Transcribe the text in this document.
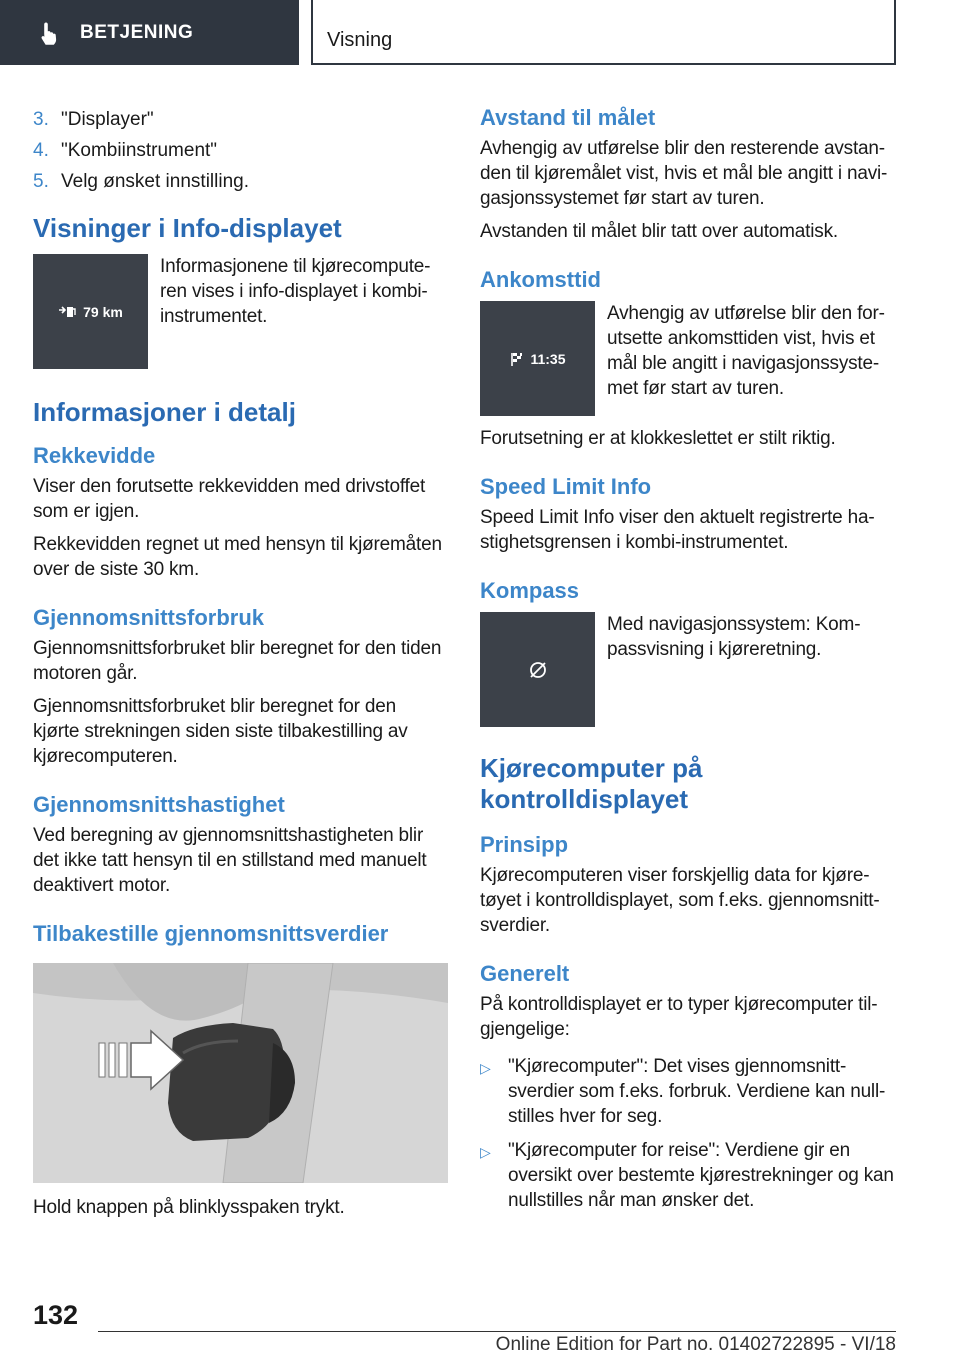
BETJENING	Visning
3. "Displayer"
4. "Kombiinstrument"
5. Velg ønsket innstilling.
Visninger i Info-displayet
79 km

Informasjonene til kjørecomputeren vises i info-displayet i kombiinstrumentet.

Informasjoner i detalj
Rekkevidde

Viser den forutsette rekkevidden med drivstoffet som er igjen.

Rekkevidden regnet ut med hensyn til kjøremåten over de siste 30 km.

Gjennomsnittsforbruk

Gjennomsnittsforbruket blir beregnet for den tiden motoren går.

Gjennomsnittsforbruket blir beregnet for den kjørte strekningen siden siste tilbakestilling av kjørecomputeren.

Gjennomsnittshastighet

Ved beregning av gjennomsnittshastigheten blir det ikke tatt hensyn til en stillstand med manuelt deaktivert motor.

Tilbakestille gjennomsnittsverdier

Hold knappen på blinklysspaken trykt.

Avstand til målet

Avhengig av utførelse blir den resterende avstanden til kjøremålet vist, hvis et mål ble angitt i navigasjonssystemet før start av turen.

Avstanden til målet blir tatt over automatisk.

Ankomsttid
11:35

Avhengig av utførelse blir den forutsette ankomsttiden vist, hvis et mål ble angitt i navigasjonssystemet før start av turen.

Forutsetning er at klokkeslettet er stilt riktig.

Speed Limit Info

Speed Limit Info viser den aktuelt registrerte hastighetsgrensen i kombi-instrumentet.

Kompass

Med navigasjonssystem: Kompassvisning i kjøreretning.

Kjørecomputer på kontrolldisplayet
Prinsipp

Kjørecomputeren viser forskjellig data for kjøretøyet i kontrolldisplayet, som f.eks. gjennomsnittsverdier.

Generelt

På kontrolldisplayet er to typer kjørecomputer tilgjengelige:

▷ "Kjørecomputer": Det vises gjennomsnittsverdier som f.eks. forbruk. Verdiene kan nullstilles hver for seg.
▷ "Kjørecomputer for reise": Verdiene gir en oversikt over bestemte kjørestrekninger og kan nullstilles når man ønsker det.
132
Online Edition for Part no. 01402722895 - VI/18
